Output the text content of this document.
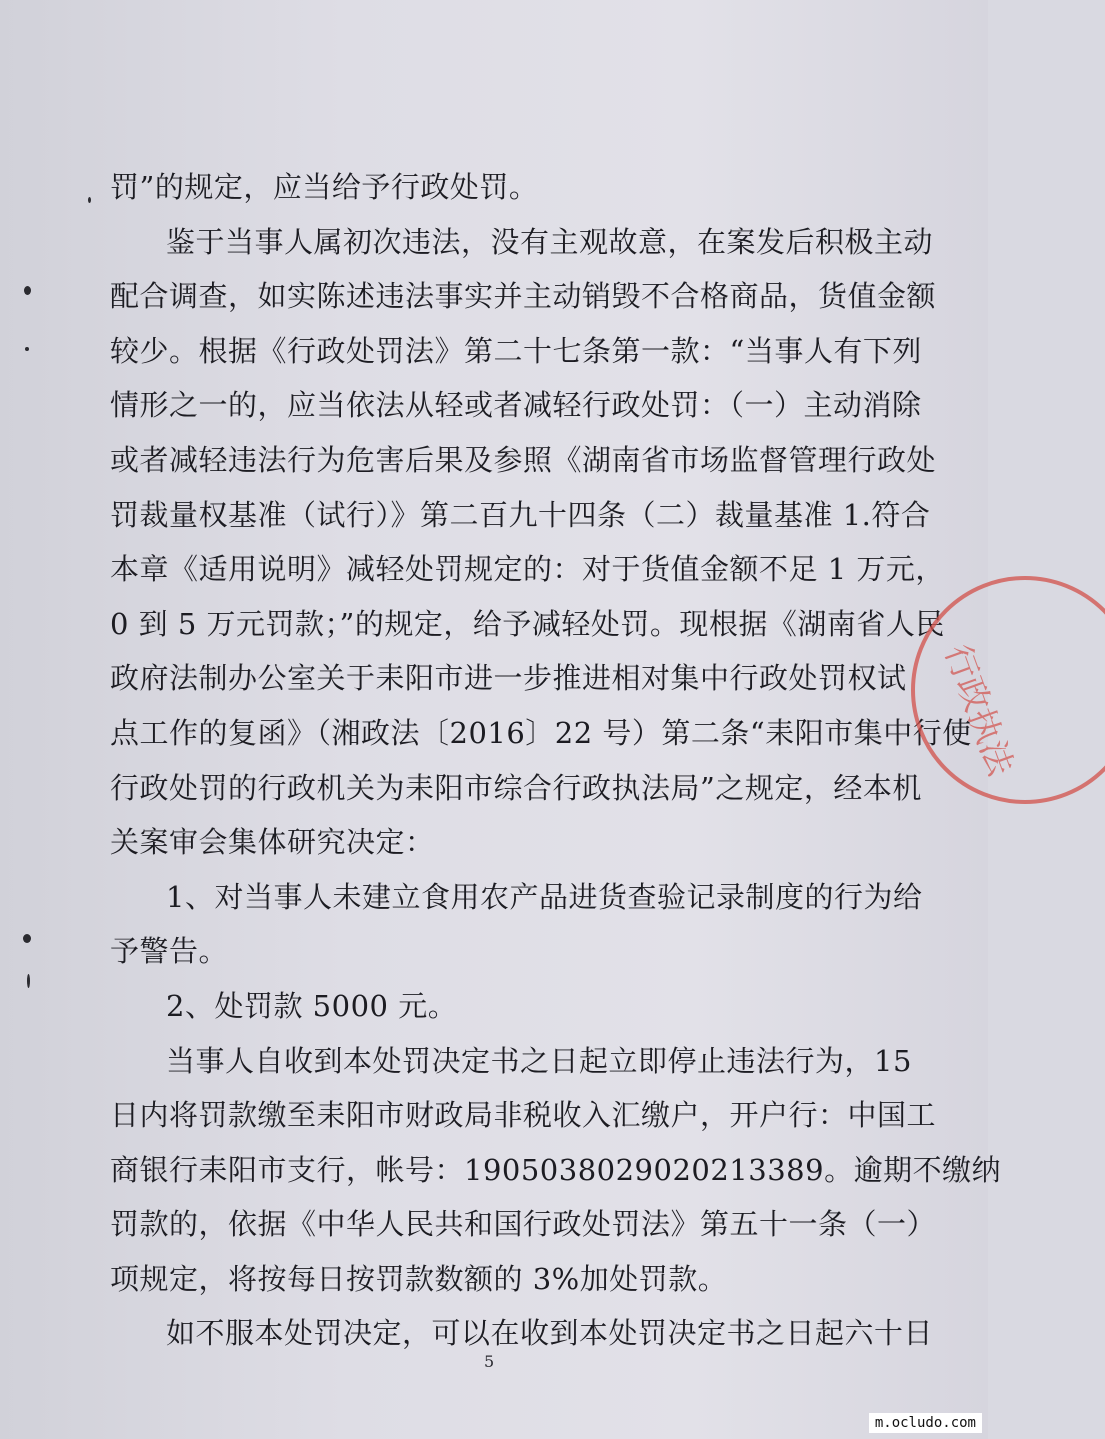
罚”的规定，应当给予行政处罚。
鉴于当事人属初次违法，没有主观故意，在案发后积极主动
配合调查，如实陈述违法事实并主动销毁不合格商品，货值金额
较少。根据《行政处罚法》第二十七条第一款：“当事人有下列
情形之一的，应当依法从轻或者减轻行政处罚：（一）主动消除
或者减轻违法行为危害后果及参照《湖南省市场监督管理行政处
罚裁量权基准（试行）》第二百九十四条（二）裁量基准 1.符合
本章《适用说明》减轻处罚规定的：对于货值金额不足 1 万元，
0 到 5 万元罚款；”的规定，给予减轻处罚。现根据《湖南省人民
政府法制办公室关于耒阳市进一步推进相对集中行政处罚权试
点工作的复函》（湘政法〔2016〕22 号）第二条“耒阳市集中行使
行政处罚的行政机关为耒阳市综合行政执法局”之规定，经本机
关案审会集体研究决定：
1、对当事人未建立食用农产品进货查验记录制度的行为给
予警告。
2、处罚款 5000 元。
当事人自收到本处罚决定书之日起立即停止违法行为，15
日内将罚款缴至耒阳市财政局非税收入汇缴户，开户行：中国工
商银行耒阳市支行，帐号：1905038029020213389。逾期不缴纳
罚款的，依据《中华人民共和国行政处罚法》第五十一条（一）
项规定，将按每日按罚款数额的 3%加处罚款。
如不服本处罚决定，可以在收到本处罚决定书之日起六十日
行政执法
5
m.ocludo.com
